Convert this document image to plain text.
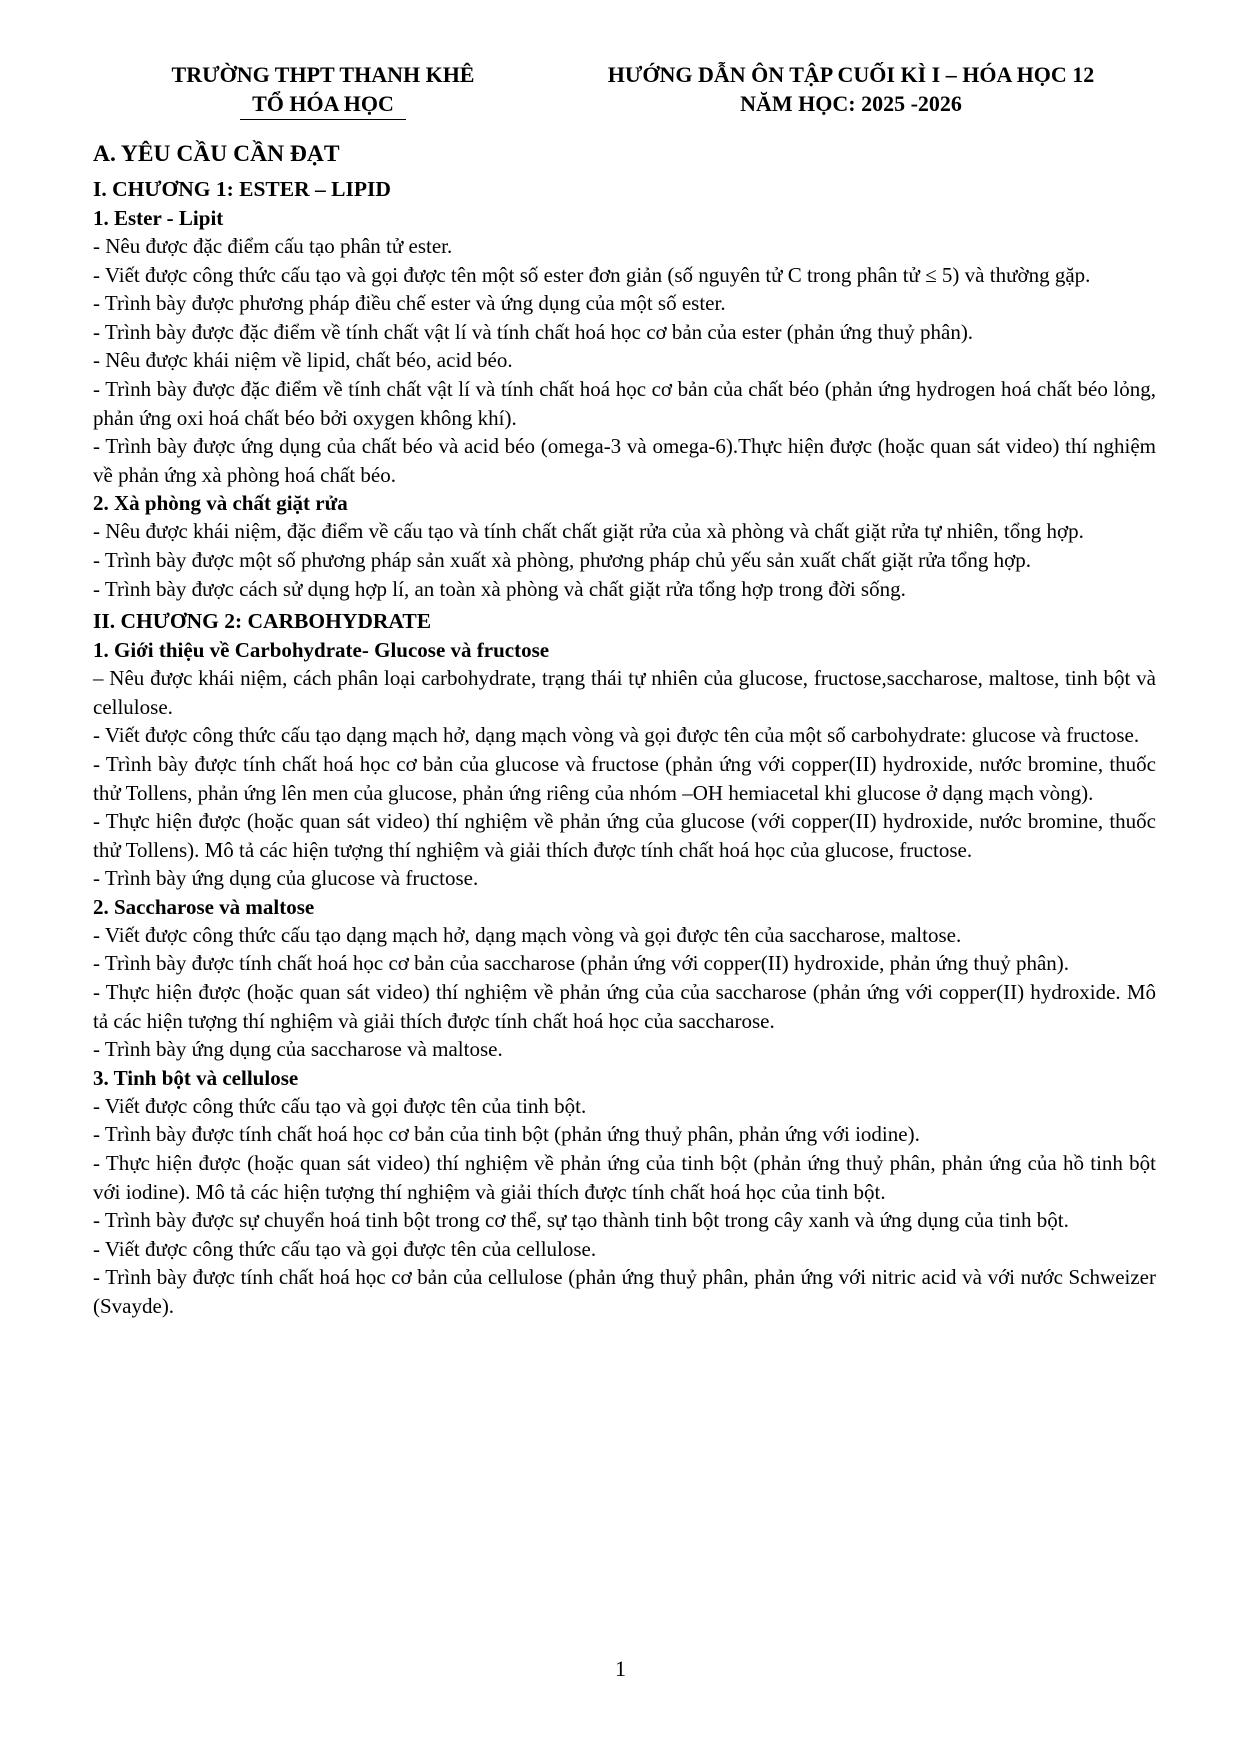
TRƯỜNG THPT THANH KHÊ
TỔ HÓA HỌC
HƯỚNG DẪN ÔN TẬP CUỐI KÌ I – HÓA HỌC 12
NĂM HỌC: 2025 -2026
A. YÊU CẦU CẦN ĐẠT
I. CHƯƠNG 1: ESTER – LIPID
1. Ester - Lipit
- Nêu được đặc điểm cấu tạo phân tử ester.
- Viết được công thức cấu tạo và gọi được tên một số ester đơn giản (số nguyên tử C trong phân tử ≤ 5) và thường gặp.
- Trình bày được phương pháp điều chế ester và ứng dụng của một số ester.
- Trình bày được đặc điểm về tính chất vật lí và tính chất hoá học cơ bản của ester (phản ứng thuỷ phân).
- Nêu được khái niệm về lipid, chất béo, acid béo.
- Trình bày được đặc điểm về tính chất vật lí và tính chất hoá học cơ bản của chất béo (phản ứng hydrogen hoá chất béo lỏng, phản ứng oxi hoá chất béo bởi oxygen không khí).
- Trình bày được ứng dụng của chất béo và acid béo (omega-3 và omega-6).Thực hiện được (hoặc quan sát video) thí nghiệm về phản ứng xà phòng hoá chất béo.
2. Xà phòng và chất giặt rửa
- Nêu được khái niệm, đặc điểm về cấu tạo và tính chất chất giặt rửa của xà phòng và chất giặt rửa tự nhiên, tổng hợp.
- Trình bày được một số phương pháp sản xuất xà phòng, phương pháp chủ yếu sản xuất chất giặt rửa tổng hợp.
- Trình bày được cách sử dụng hợp lí, an toàn xà phòng và chất giặt rửa tổng hợp trong đời sống.
II. CHƯƠNG 2: CARBOHYDRATE
1. Giới thiệu về Carbohydrate- Glucose và fructose
– Nêu được khái niệm, cách phân loại carbohydrate, trạng thái tự nhiên của glucose, fructose,saccharose, maltose, tinh bột và cellulose.
- Viết được công thức cấu tạo dạng mạch hở, dạng mạch vòng và gọi được tên của một số carbohydrate: glucose và fructose.
- Trình bày được tính chất hoá học cơ bản của glucose và fructose (phản ứng với copper(II) hydroxide, nước bromine, thuốc thử Tollens, phản ứng lên men của glucose, phản ứng riêng của nhóm –OH hemiacetal khi glucose ở dạng mạch vòng).
- Thực hiện được (hoặc quan sát video) thí nghiệm về phản ứng của glucose (với copper(II) hydroxide, nước bromine, thuốc thử Tollens). Mô tả các hiện tượng thí nghiệm và giải thích được tính chất hoá học của glucose, fructose.
- Trình bày ứng dụng của glucose và fructose.
2. Saccharose và maltose
- Viết được công thức cấu tạo dạng mạch hở, dạng mạch vòng và gọi được tên của saccharose, maltose.
- Trình bày được tính chất hoá học cơ bản của saccharose (phản ứng với copper(II) hydroxide, phản ứng thuỷ phân).
- Thực hiện được (hoặc quan sát video) thí nghiệm về phản ứng của của saccharose (phản ứng với copper(II) hydroxide. Mô tả các hiện tượng thí nghiệm và giải thích được tính chất hoá học của saccharose.
- Trình bày ứng dụng của saccharose và maltose.
3. Tinh bột và cellulose
- Viết được công thức cấu tạo và gọi được tên của tinh bột.
- Trình bày được tính chất hoá học cơ bản của tinh bột (phản ứng thuỷ phân, phản ứng với iodine).
- Thực hiện được (hoặc quan sát video) thí nghiệm về phản ứng của tinh bột (phản ứng thuỷ phân, phản ứng của hồ tinh bột với iodine). Mô tả các hiện tượng thí nghiệm và giải thích được tính chất hoá học của tinh bột.
- Trình bày được sự chuyển hoá tinh bột trong cơ thể, sự tạo thành tinh bột trong cây xanh và ứng dụng của tinh bột.
- Viết được công thức cấu tạo và gọi được tên của cellulose.
- Trình bày được tính chất hoá học cơ bản của cellulose (phản ứng thuỷ phân, phản ứng với nitric acid và với nước Schweizer (Svayde).
1
